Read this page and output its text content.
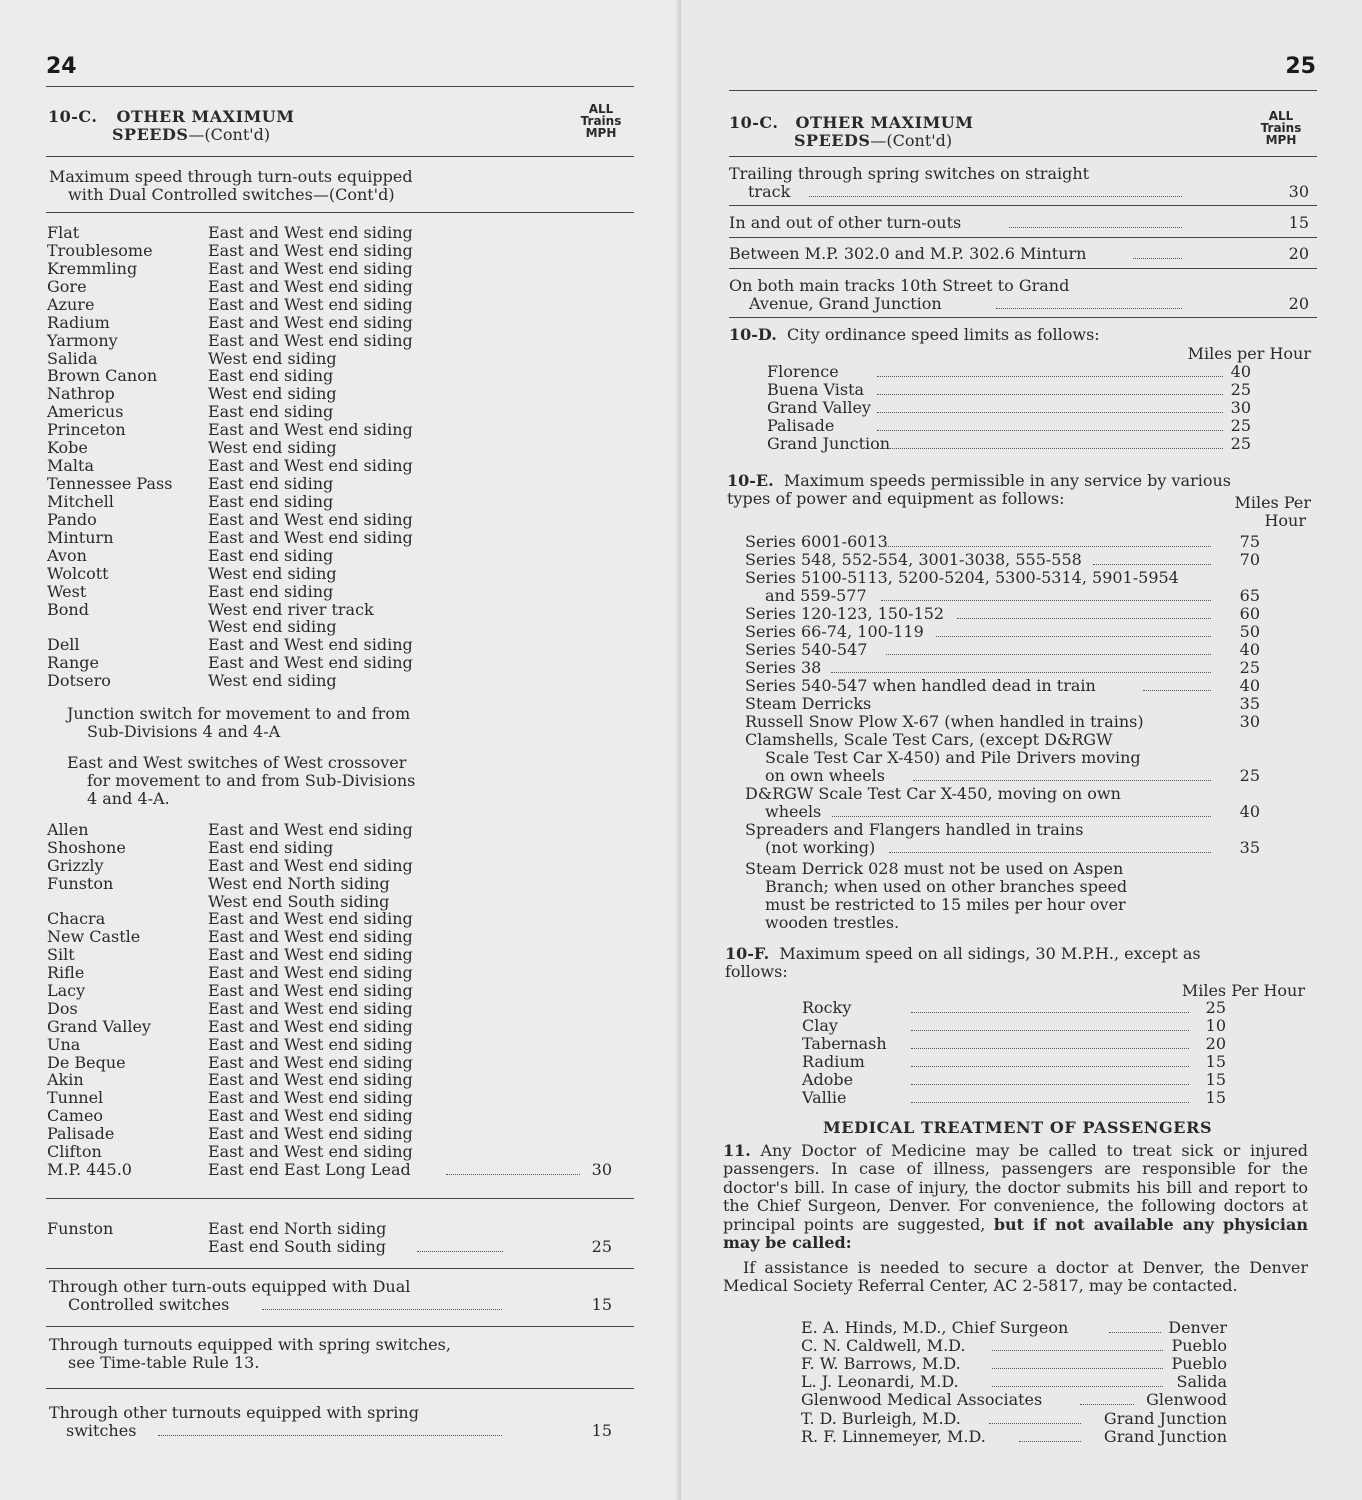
24
10-C. OTHER MAXIMUM
SPEEDS—(Cont'd)
ALL
Trains
MPH
Maximum speed through turn-outs equipped
with Dual Controlled switches—(Cont'd)
Flat	East and West end siding
Troublesome	East and West end siding
Kremmling	East and West end siding
Gore	East and West end siding
Azure	East and West end siding
Radium	East and West end siding
Yarmony	East and West end siding
Salida	West end siding
Brown Canon	East end siding
Nathrop	West end siding
Americus	East end siding
Princeton	East and West end siding
Kobe	West end siding
Malta	East and West end siding
Tennessee Pass East end siding
Mitchell	East end siding
Pando	East and West end siding
Minturn	East and West end siding
Avon	East end siding
Wolcott	West end siding
West	East end siding
Bond	West end river track
West end siding
Dell	East and West end siding
Range	East and West end siding
Dotsero	West end siding
Junction switch for movement to and from
Sub-Divisions 4 and 4-A
East and West switches of West crossover
for movement to and from Sub-Divisions
4 and 4-A.
Allen	East and West end siding
Shoshone	East end siding
Grizzly	East and West end siding
Funston	West end North siding
West end South siding
Chacra	East and West end siding
New Castle	East and West end siding
Silt	East and West end siding
Rifle	East and West end siding
Lacy	East and West end siding
Dos	East and West end siding
Grand Valley	East and West end siding
Una	East and West end siding
De Beque	East and West end siding
Akin	East and West end siding
Tunnel	East and West end siding
Cameo	East and West end siding
Palisade	East and West end siding
Clifton	East and West end siding
M.P. 445.0	East end East Long Lead	30
Funston	East end North siding
East end South siding	25
Through other turn-outs equipped with Dual
Controlled switches	15
Through turnouts equipped with spring switches,
see Time-table Rule 13.
Through other turnouts equipped with spring
switches	15
25
10-C. OTHER MAXIMUM
SPEEDS—(Cont'd)
ALL
Trains
MPH
Trailing through spring switches on straight
track	30
In and out of other turn-outs	15
Between M.P. 302.0 and M.P. 302.6 Minturn	20
On both main tracks 10th Street to Grand
Avenue, Grand Junction	20
10-D. City ordinance speed limits as follows:
Miles per Hour
Florence	40
Buena Vista	25
Grand Valley	30
Palisade	25
Grand Junction	25
10-E. Maximum speeds permissible in any service by various
types of power and equipment as follows:	Miles Per
Hour
Series 6001-6013	75
Series 548, 552-554, 3001-3038, 555-558	70
Series 5100-5113, 5200-5204, 5300-5314, 5901-5954
and 559-577	65
Series 120-123, 150-152	60
Series 66-74, 100-119	50
Series 540-547	40
Series 38	25
Series 540-547 when handled dead in train	40
Steam Derricks	35
Russell Snow Plow X-67 (when handled in trains)	30
Clamshells, Scale Test Cars, (except D&RGW
Scale Test Car X-450) and Pile Drivers moving
on own wheels	25
D&RGW Scale Test Car X-450, moving on own
wheels	40
Spreaders and Flangers handled in trains
(not working)	35
Steam Derrick 028 must not be used on Aspen
Branch; when used on other branches speed
must be restricted to 15 miles per hour over
wooden trestles.
10-F. Maximum speed on all sidings, 30 M.P.H., except as
follows:
Miles Per Hour
Rocky	25
Clay	10
Tabernash	20
Radium	15
Adobe	15
Vallie	15
MEDICAL TREATMENT OF PASSENGERS
11. Any Doctor of Medicine may be called to treat sick or injured passengers. In case of illness, passengers are responsible for the doctor's bill. In case of injury, the doctor submits his bill and report to the Chief Surgeon, Denver. For convenience, the following doctors at principal points are suggested, but if not available any physician may be called:
If assistance is needed to secure a doctor at Denver, the Denver Medical Society Referral Center, AC 2-5817, may be contacted.
E. A. Hinds, M.D., Chief Surgeon	Denver
C. N. Caldwell, M.D.	Pueblo
F. W. Barrows, M.D.	Pueblo
L. J. Leonardi, M.D.	Salida
Glenwood Medical Associates	Glenwood
T. D. Burleigh, M.D.	Grand Junction
R. F. Linnemeyer, M.D.	Grand Junction
